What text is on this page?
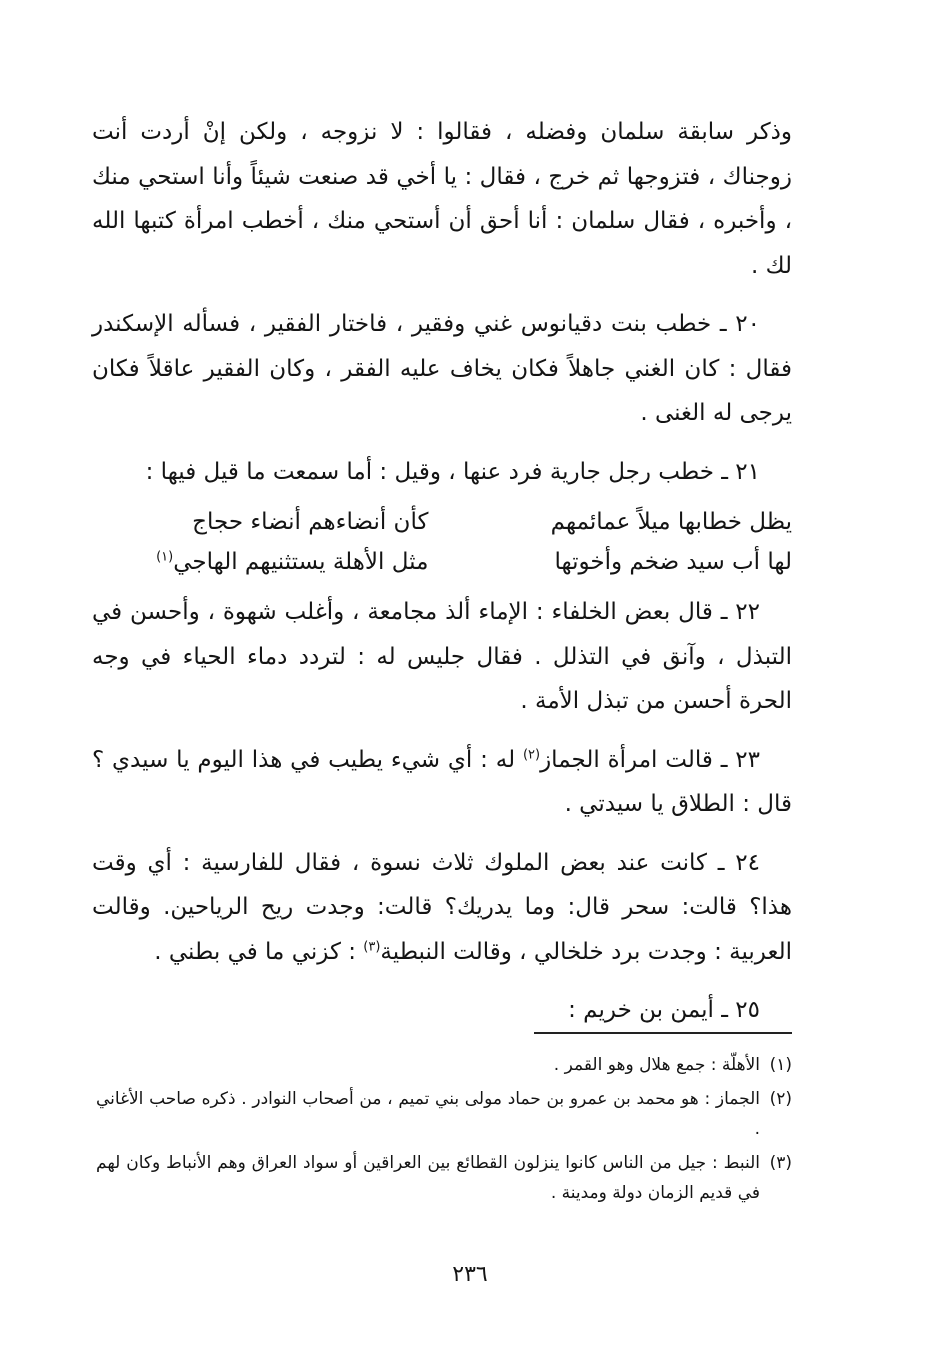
وذكر سابقة سلمان وفضله ، فقالوا : لا نزوجه ، ولكن إنْ أردت أنت زوجناك ، فتزوجها ثم خرج ، فقال : يا أخي قد صنعت شيئاً وأنا استحي منك ، وأخبره ، فقال سلمان : أنا أحق أن أستحي منك ، أخطب امرأة كتبها الله لك .

٢٠ ـ خطب بنت دقيانوس غني وفقير ، فاختار الفقير ، فسأله الإسكندر فقال : كان الغني جاهلاً فكان يخاف عليه الفقر ، وكان الفقير عاقلاً فكان يرجى له الغنى .

٢١ ـ خطب رجل جارية فرد عنها ، وقيل : أما سمعت ما قيل فيها :

يظل خطابها ميلاً عمائمهم
كأن أنضاءهم أنضاء حجاج
لها أب سيد ضخم وأخوتها
مثل الأهلة يستثنيهم الهاجي$^{(١)}$

٢٢ ـ قال بعض الخلفاء : الإماء ألذ مجامعة ، وأغلب شهوة ، وأحسن في التبذل ، وآنق في التذلل . فقال جليس له : لتردد دماء الحياء في وجه الحرة أحسن من تبذل الأمة .

٢٣ ـ قالت امرأة الجماز$^{(٢)}$ له : أي شيء يطيب في هذا اليوم يا سيدي ؟ قال : الطلاق يا سيدتي .

٢٤ ـ كانت عند بعض الملوك ثلاث نسوة ، فقال للفارسية : أي وقت هذا؟ قالت: سحر قال: وما يدريك؟ قالت: وجدت ريح الرياحين. وقالت العربية : وجدت برد خلخالي ، وقالت النبطية$^{(٣)}$ : كزني ما في بطني .

٢٥ ـ أيمن بن خريم :

(١)
الأهلّة : جمع هلال وهو القمر .

(٢)
الجماز : هو محمد بن عمرو بن حماد مولى بني تميم ، من أصحاب النوادر . ذكره صاحب الأغاني .

(٣)
النبط : جيل من الناس كانوا ينزلون القطائع بين العراقين أو سواد العراق وهم الأنباط وكان لهم في قديم الزمان دولة ومدينة .

٢٣٦
